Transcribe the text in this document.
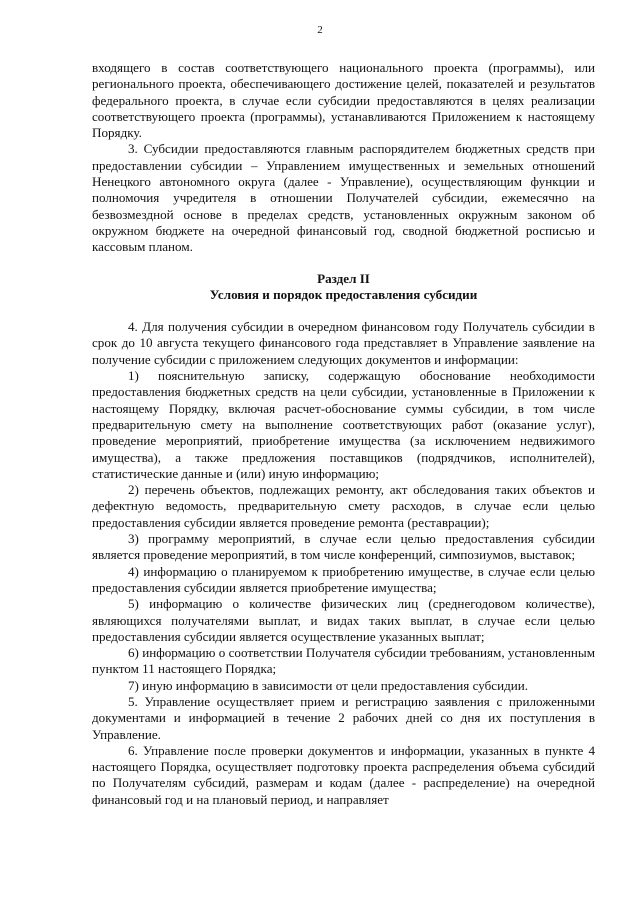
2

входящего в состав соответствующего национального проекта (программы), или регионального проекта, обеспечивающего достижение целей, показателей и результатов федерального проекта, в случае если субсидии предоставляются в целях реализации соответствующего проекта (программы), устанавливаются Приложением к настоящему Порядку.

3. Субсидии предоставляются главным распорядителем бюджетных средств при предоставлении субсидии – Управлением имущественных и земельных отношений Ненецкого автономного округа (далее - Управление), осуществляющим функции и полномочия учредителя в отношении Получателей субсидии, ежемесячно на безвозмездной основе в пределах средств, установленных окружным законом об окружном бюджете на очередной финансовый год, сводной бюджетной росписью и кассовым планом.

Раздел II
Условия и порядок предоставления субсидии

4. Для получения субсидии в очередном финансовом году Получатель субсидии в срок до 10 августа текущего финансового года представляет в Управление заявление на получение субсидии с приложением следующих документов и информации:

1) пояснительную записку, содержащую обоснование необходимости предоставления бюджетных средств на цели субсидии, установленные в Приложении к настоящему Порядку, включая расчет-обоснование суммы субсидии, в том числе предварительную смету на выполнение соответствующих работ (оказание услуг), проведение мероприятий, приобретение имущества (за исключением недвижимого имущества), а также предложения поставщиков (подрядчиков, исполнителей), статистические данные и (или) иную информацию;

2) перечень объектов, подлежащих ремонту, акт обследования таких объектов и дефектную ведомость, предварительную смету расходов, в случае если целью предоставления субсидии является проведение ремонта (реставрации);

3) программу мероприятий, в случае если целью предоставления субсидии является проведение мероприятий, в том числе конференций, симпозиумов, выставок;

4) информацию о планируемом к приобретению имуществе, в случае если целью предоставления субсидии является приобретение имущества;

5) информацию о количестве физических лиц (среднегодовом количестве), являющихся получателями выплат, и видах таких выплат, в случае если целью предоставления субсидии является осуществление указанных выплат;

6) информацию о соответствии Получателя субсидии требованиям, установленным пунктом 11 настоящего Порядка;

7) иную информацию в зависимости от цели предоставления субсидии.

5. Управление осуществляет прием и регистрацию заявления с приложенными документами и информацией в течение 2 рабочих дней со дня их поступления в Управление.

6. Управление после проверки документов и информации, указанных в пункте 4 настоящего Порядка, осуществляет подготовку проекта распределения объема субсидий по Получателям субсидий, размерам и кодам (далее - распределение) на очередной финансовый год и на плановый период, и направляет
